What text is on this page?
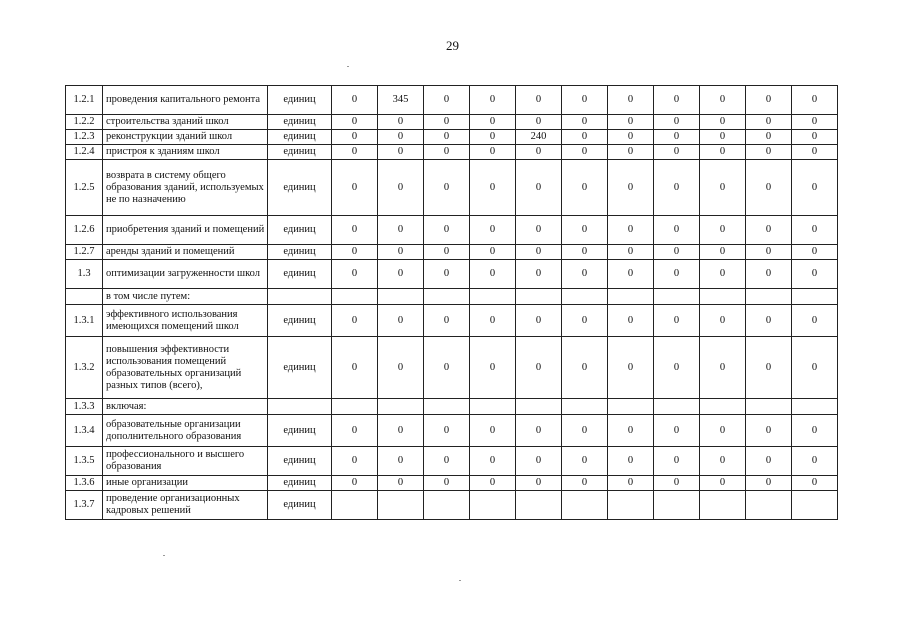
29
1.2.1	проведения капитального ремонта	единиц	0	345	0	0	0	0	0	0	0	0	0
1.2.2	строительства зданий школ	единиц	0	0	0	0	0	0	0	0	0	0	0
1.2.3	реконструкции зданий школ	единиц	0	0	0	0	240	0	0	0	0	0	0
1.2.4	пристроя к зданиям школ	единиц	0	0	0	0	0	0	0	0	0	0	0
1.2.5	возврата в систему общего образования зданий, используемых не по назначению	единиц	0	0	0	0	0	0	0	0	0	0	0
1.2.6	приобретения зданий и помещений	единиц	0	0	0	0	0	0	0	0	0	0	0
1.2.7	аренды зданий и помещений	единиц	0	0	0	0	0	0	0	0	0	0	0
1.3	оптимизации загруженности школ	единиц	0	0	0	0	0	0	0	0	0	0	0
	в том числе путем:												
1.3.1	эффективного использования имеющихся помещений школ	единиц	0	0	0	0	0	0	0	0	0	0	0
1.3.2	повышения эффективности использования помещений образовательных организаций разных типов (всего),	единиц	0	0	0	0	0	0	0	0	0	0	0
1.3.3	включая:												
1.3.4	образовательные организации дополнительного образования	единиц	0	0	0	0	0	0	0	0	0	0	0
1.3.5	профессионального и высшего образования	единиц	0	0	0	0	0	0	0	0	0	0	0
1.3.6	иные организации	единиц	0	0	0	0	0	0	0	0	0	0	0
1.3.7	проведение организационных кадровых решений	единиц											
